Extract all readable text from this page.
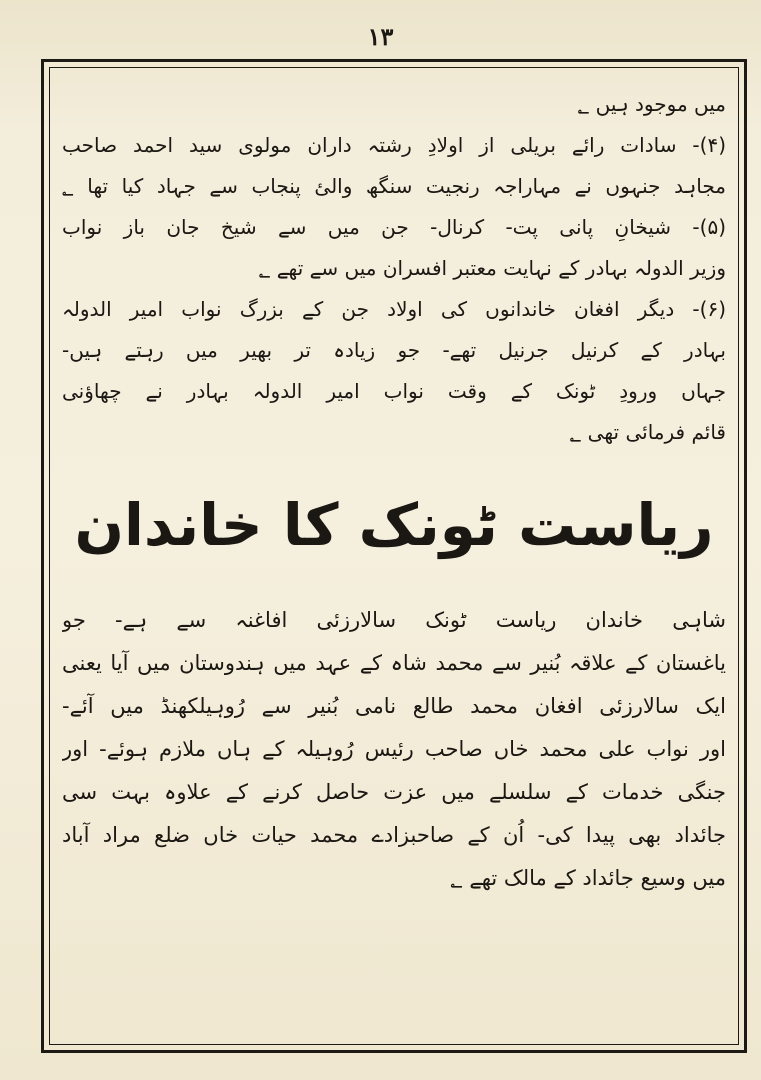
۱۳
میں موجود ہیں ؂
(۴)- سادات رائے بریلی از اولادِ رشتہ داران مولوی سید احمد صاحب
مجاہد جنہوں نے مہاراجہ رنجیت سنگھ والئ پنجاب سے جہاد کیا تھا ؂
(۵)- شیخانِ پانی پت- کرنال- جن میں سے شیخ جان باز نواب
وزیر الدولہ بہادر کے نہایت معتبر افسران میں سے تھے ؂
(۶)- دیگر افغان خاندانوں کی اولاد جن کے بزرگ نواب امیر الدولہ
بہادر کے کرنیل جرنیل تھے- جو زیادہ تر بھیر میں رہتے ہیں-
جہاں ورودِ ٹونک کے وقت نواب امیر الدولہ بہادر نے چھاؤنی
قائم فرمائی تھی ؂
ریاست ٹونک کا خاندان
شاہی خاندان ریاست ٹونک سالارزئی افاغنہ سے ہے- جو
یاغستان کے علاقہ بُنیر سے محمد شاہ کے عہد میں ہندوستان میں آیا یعنی
ایک سالارزئی افغان محمد طالع نامی بُنیر سے رُوہیلکھنڈ میں آئے-
اور نواب علی محمد خاں صاحب رئیس رُوہیلہ کے ہاں ملازم ہوئے- اور
جنگی خدمات کے سلسلے میں عزت حاصل کرنے کے علاوہ بہت سی
جائداد بھی پیدا کی- اُن کے صاحبزادے محمد حیات خاں ضلع مراد آباد
میں وسیع جائداد کے مالک تھے ؂
